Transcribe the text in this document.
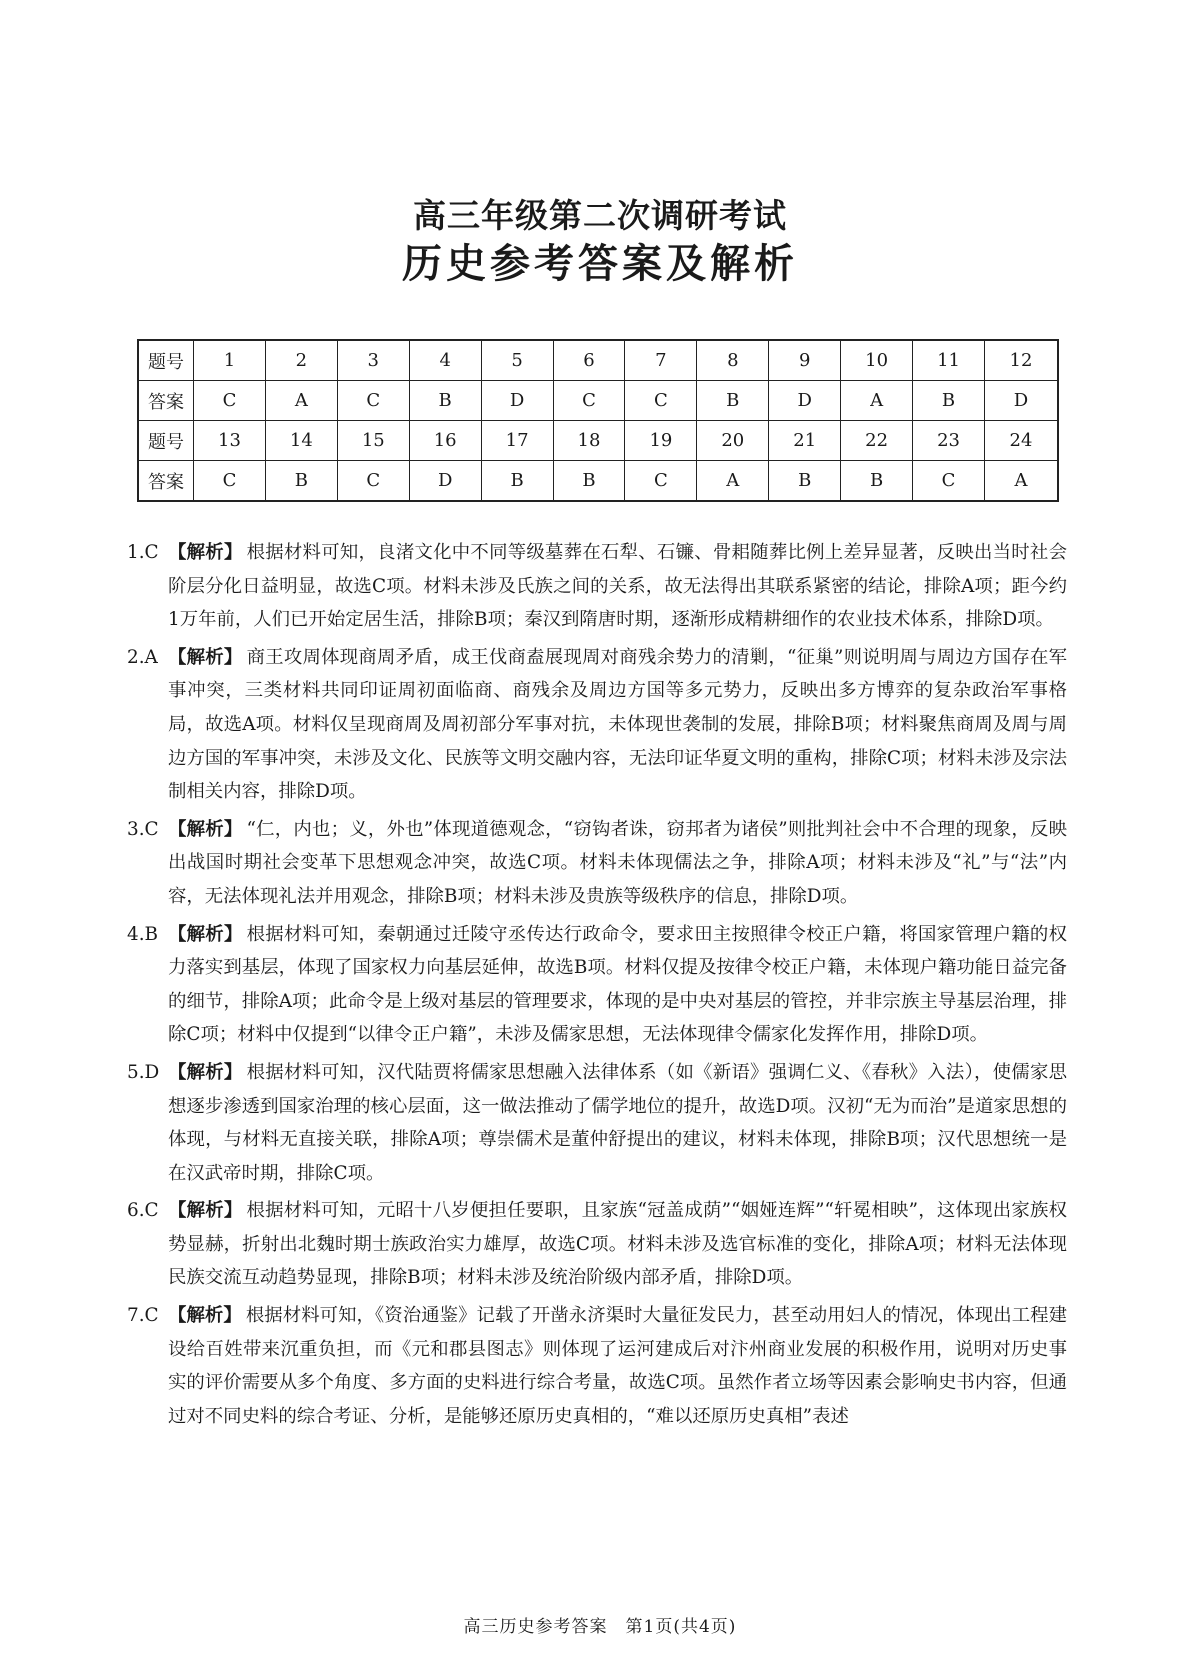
高三年级第二次调研考试
历史参考答案及解析
题号	1	2	3	4	5	6	7	8	9	10	11	12
答案	C	A	C	B	D	C	C	B	D	A	B	D
题号	13	14	15	16	17	18	19	20	21	22	23	24
答案	C	B	C	D	B	B	C	A	B	B	C	A
1.C 【解析】 根据材料可知，良渚文化中不同等级墓葬在石犁、石镰、骨耜随葬比例上差异显著，反映出当时社会阶层分化日益明显，故选C项。材料未涉及氏族之间的关系，故无法得出其联系紧密的结论，排除A项；距今约1万年前，人们已开始定居生活，排除B项；秦汉到隋唐时期，逐渐形成精耕细作的农业技术体系，排除D项。
2.A 【解析】 商王攻周体现商周矛盾，成王伐商盍展现周对商残余势力的清剿，“征巢”则说明周与周边方国存在军事冲突，三类材料共同印证周初面临商、商残余及周边方国等多元势力，反映出多方博弈的复杂政治军事格局，故选A项。材料仅呈现商周及周初部分军事对抗，未体现世袭制的发展，排除B项；材料聚焦商周及周与周边方国的军事冲突，未涉及文化、民族等文明交融内容，无法印证华夏文明的重构，排除C项；材料未涉及宗法制相关内容，排除D项。
3.C 【解析】 “仁，内也；义，外也”体现道德观念，“窃钩者诛，窃邦者为诸侯”则批判社会中不合理的现象，反映出战国时期社会变革下思想观念冲突，故选C项。材料未体现儒法之争，排除A项；材料未涉及“礼”与“法”内容，无法体现礼法并用观念，排除B项；材料未涉及贵族等级秩序的信息，排除D项。
4.B 【解析】 根据材料可知，秦朝通过迁陵守丞传达行政命令，要求田主按照律令校正户籍，将国家管理户籍的权力落实到基层，体现了国家权力向基层延伸，故选B项。材料仅提及按律令校正户籍，未体现户籍功能日益完备的细节，排除A项；此命令是上级对基层的管理要求，体现的是中央对基层的管控，并非宗族主导基层治理，排除C项；材料中仅提到“以律令正户籍”，未涉及儒家思想，无法体现律令儒家化发挥作用，排除D项。
5.D 【解析】 根据材料可知，汉代陆贾将儒家思想融入法律体系（如《新语》强调仁义、《春秋》入法），使儒家思想逐步渗透到国家治理的核心层面，这一做法推动了儒学地位的提升，故选D项。汉初“无为而治”是道家思想的体现，与材料无直接关联，排除A项；尊崇儒术是董仲舒提出的建议，材料未体现，排除B项；汉代思想统一是在汉武帝时期，排除C项。
6.C 【解析】 根据材料可知，元昭十八岁便担任要职，且家族“冠盖成荫”“姻娅连辉”“轩冕相映”，这体现出家族权势显赫，折射出北魏时期士族政治实力雄厚，故选C项。材料未涉及选官标准的变化，排除A项；材料无法体现民族交流互动趋势显现，排除B项；材料未涉及统治阶级内部矛盾，排除D项。
7.C 【解析】 根据材料可知，《资治通鉴》记载了开凿永济渠时大量征发民力，甚至动用妇人的情况，体现出工程建设给百姓带来沉重负担，而《元和郡县图志》则体现了运河建成后对汴州商业发展的积极作用，说明对历史事实的评价需要从多个角度、多方面的史料进行综合考量，故选C项。虽然作者立场等因素会影响史书内容，但通过对不同史料的综合考证、分析，是能够还原历史真相的，“难以还原历史真相”表述
高三历史参考答案　第1页(共4页)
